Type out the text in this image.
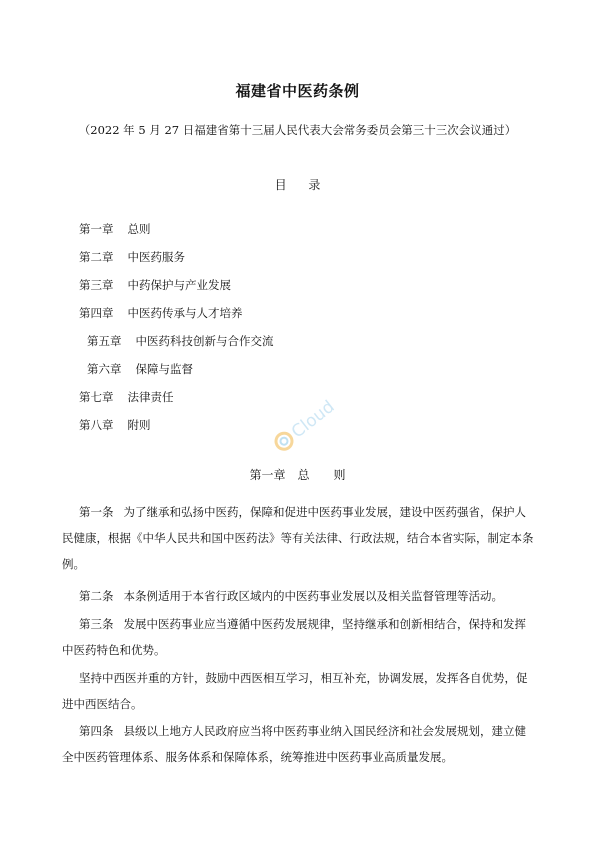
福建省中医药条例
（2022 年 5 月 27 日福建省第十三届人民代表大会常务委员会第三十三次会议通过）
目 录
第一章 总则
第二章 中医药服务
第三章 中药保护与产业发展
第四章 中医药传承与人才培养
第五章 中医药科技创新与合作交流
第六章 保障与监督
第七章 法律责任
第八章 附则	Cloud
第一章　总　　则
第一条 为了继承和弘扬中医药，保障和促进中医药事业发展，建设中医药强省，保护人
民健康，根据《中华人民共和国中医药法》等有关法律、行政法规，结合本省实际，制定本条
例。
第二条 本条例适用于本省行政区域内的中医药事业发展以及相关监督管理等活动。
第三条 发展中医药事业应当遵循中医药发展规律，坚持继承和创新相结合，保持和发挥
中医药特色和优势。
坚持中西医并重的方针，鼓励中西医相互学习，相互补充，协调发展，发挥各自优势，促
进中西医结合。
第四条 县级以上地方人民政府应当将中医药事业纳入国民经济和社会发展规划，建立健
全中医药管理体系、服务体系和保障体系，统筹推进中医药事业高质量发展。
